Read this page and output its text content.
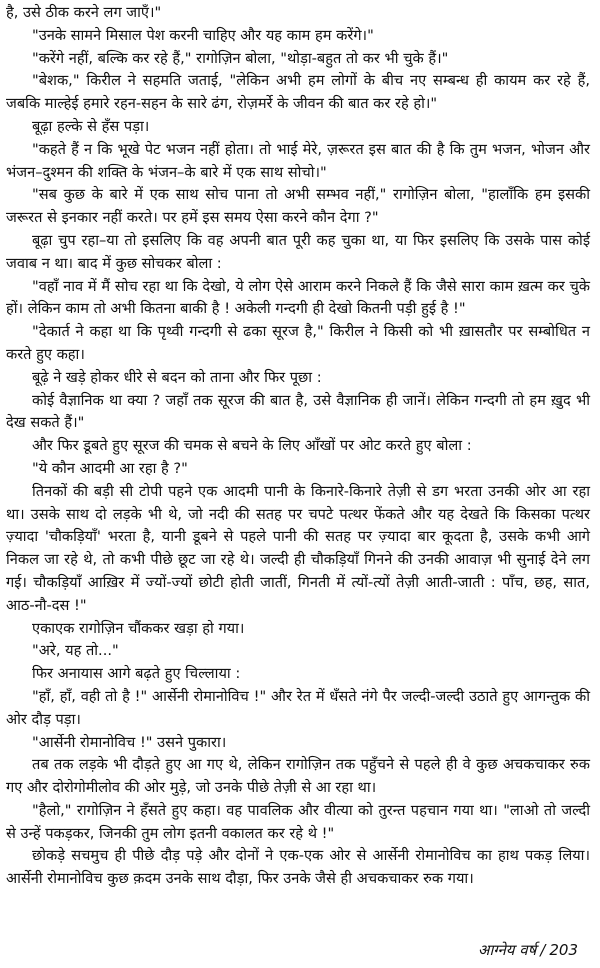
है, उसे ठीक करने लग जाएँ।"

"उनके सामने मिसाल पेश करनी चाहिए और यह काम हम करेंगे।"

"करेंगे नहीं, बल्कि कर रहे हैं," रागोज़िन बोला, "थोड़ा-बहुत तो कर भी चुके हैं।"

"बेशक," किरील ने सहमति जताई, "लेकिन अभी हम लोगों के बीच नए सम्बन्ध ही कायम कर रहे हैं, जबकि माल्हेई हमारे रहन-सहन के सारे ढंग, रोज़मर्रे के जीवन की बात कर रहे हो।"

बूढ़ा हल्के से हँस पड़ा।

"कहते हैं न कि भूखे पेट भजन नहीं होता। तो भाई मेरे, ज़रूरत इस बात की है कि तुम भजन, भोजन और भंजन–दुश्मन की शक्ति के भंजन–के बारे में एक साथ सोचो।"

"सब कुछ के बारे में एक साथ सोच पाना तो अभी सम्भव नहीं," रागोज़िन बोला, "हालाँकि हम इसकी जरूरत से इनकार नहीं करते। पर हमें इस समय ऐसा करने कौन देगा ?"

बूढ़ा चुप रहा–या तो इसलिए कि वह अपनी बात पूरी कह चुका था, या फिर इसलिए कि उसके पास कोई जवाब न था। बाद में कुछ सोचकर बोला :

"वहाँ नाव में मैं सोच रहा था कि देखो, ये लोग ऐसे आराम करने निकले हैं कि जैसे सारा काम ख़त्म कर चुके हों। लेकिन काम तो अभी कितना बाकी है ! अकेली गन्दगी ही देखो कितनी पड़ी हुई है !"

"देकार्त ने कहा था कि पृथ्वी गन्दगी से ढका सूरज है," किरील ने किसी को भी ख़ासतौर पर सम्बोधित न करते हुए कहा।

बूढ़े ने खड़े होकर धीरे से बदन को ताना और फिर पूछा :

कोई वैज्ञानिक था क्या ? जहाँ तक सूरज की बात है, उसे वैज्ञानिक ही जानें। लेकिन गन्दगी तो हम ख़ुद भी देख सकते हैं।"

और फिर डूबते हुए सूरज की चमक से बचने के लिए आँखों पर ओट करते हुए बोला :

"ये कौन आदमी आ रहा है ?"

तिनकों की बड़ी सी टोपी पहने एक आदमी पानी के किनारे-किनारे तेज़ी से डग भरता उनकी ओर आ रहा था। उसके साथ दो लड़के भी थे, जो नदी की सतह पर चपटे पत्थर फेंकते और यह देखते कि किसका पत्थर ज़्यादा 'चौकड़ियाँ' भरता है, यानी डूबने से पहले पानी की सतह पर ज़्यादा बार कूदता है, उसके कभी आगे निकल जा रहे थे, तो कभी पीछे छूट जा रहे थे। जल्दी ही चौकड़ियाँ गिनने की उनकी आवाज़ भी सुनाई देने लग गई। चौकड़ियाँ आख़िर में ज्यों-ज्यों छोटी होती जातीं, गिनती में त्यों-त्यों तेज़ी आती-जाती : पाँच, छह, सात, आठ-नौ-दस !"

एकाएक रागोज़िन चौंककर खड़ा हो गया।

"अरे, यह तो..."

फिर अनायास आगे बढ़ते हुए चिल्लाया :

"हाँ, हाँ, वही तो है !" आर्सेनी रोमानोविच !" और रेत में धँसते नंगे पैर जल्दी-जल्दी उठाते हुए आगन्तुक की ओर दौड़ पड़ा।

"आर्सेनी रोमानोविच !" उसने पुकारा।

तब तक लड़के भी दौड़ते हुए आ गए थे, लेकिन रागोज़िन तक पहुँचने से पहले ही वे कुछ अचकचाकर रुक गए और दोरोगोमीलोव की ओर मुड़े, जो उनके पीछे तेज़ी से आ रहा था।

"हैलो," रागोज़िन ने हँसते हुए कहा। वह पावलिक और वीत्या को तुरन्त पहचान गया था। "लाओ तो जल्दी से उन्हें पकड़कर, जिनकी तुम लोग इतनी वकालत कर रहे थे !"

छोकड़े सचमुच ही पीछे दौड़ पड़े और दोनों ने एक-एक ओर से आर्सेनी रोमानोविच का हाथ पकड़ लिया। आर्सेनी रोमानोविच कुछ क़दम उनके साथ दौड़ा, फिर उनके जैसे ही अचकचाकर रुक गया।

आग्नेय वर्ष / 203
